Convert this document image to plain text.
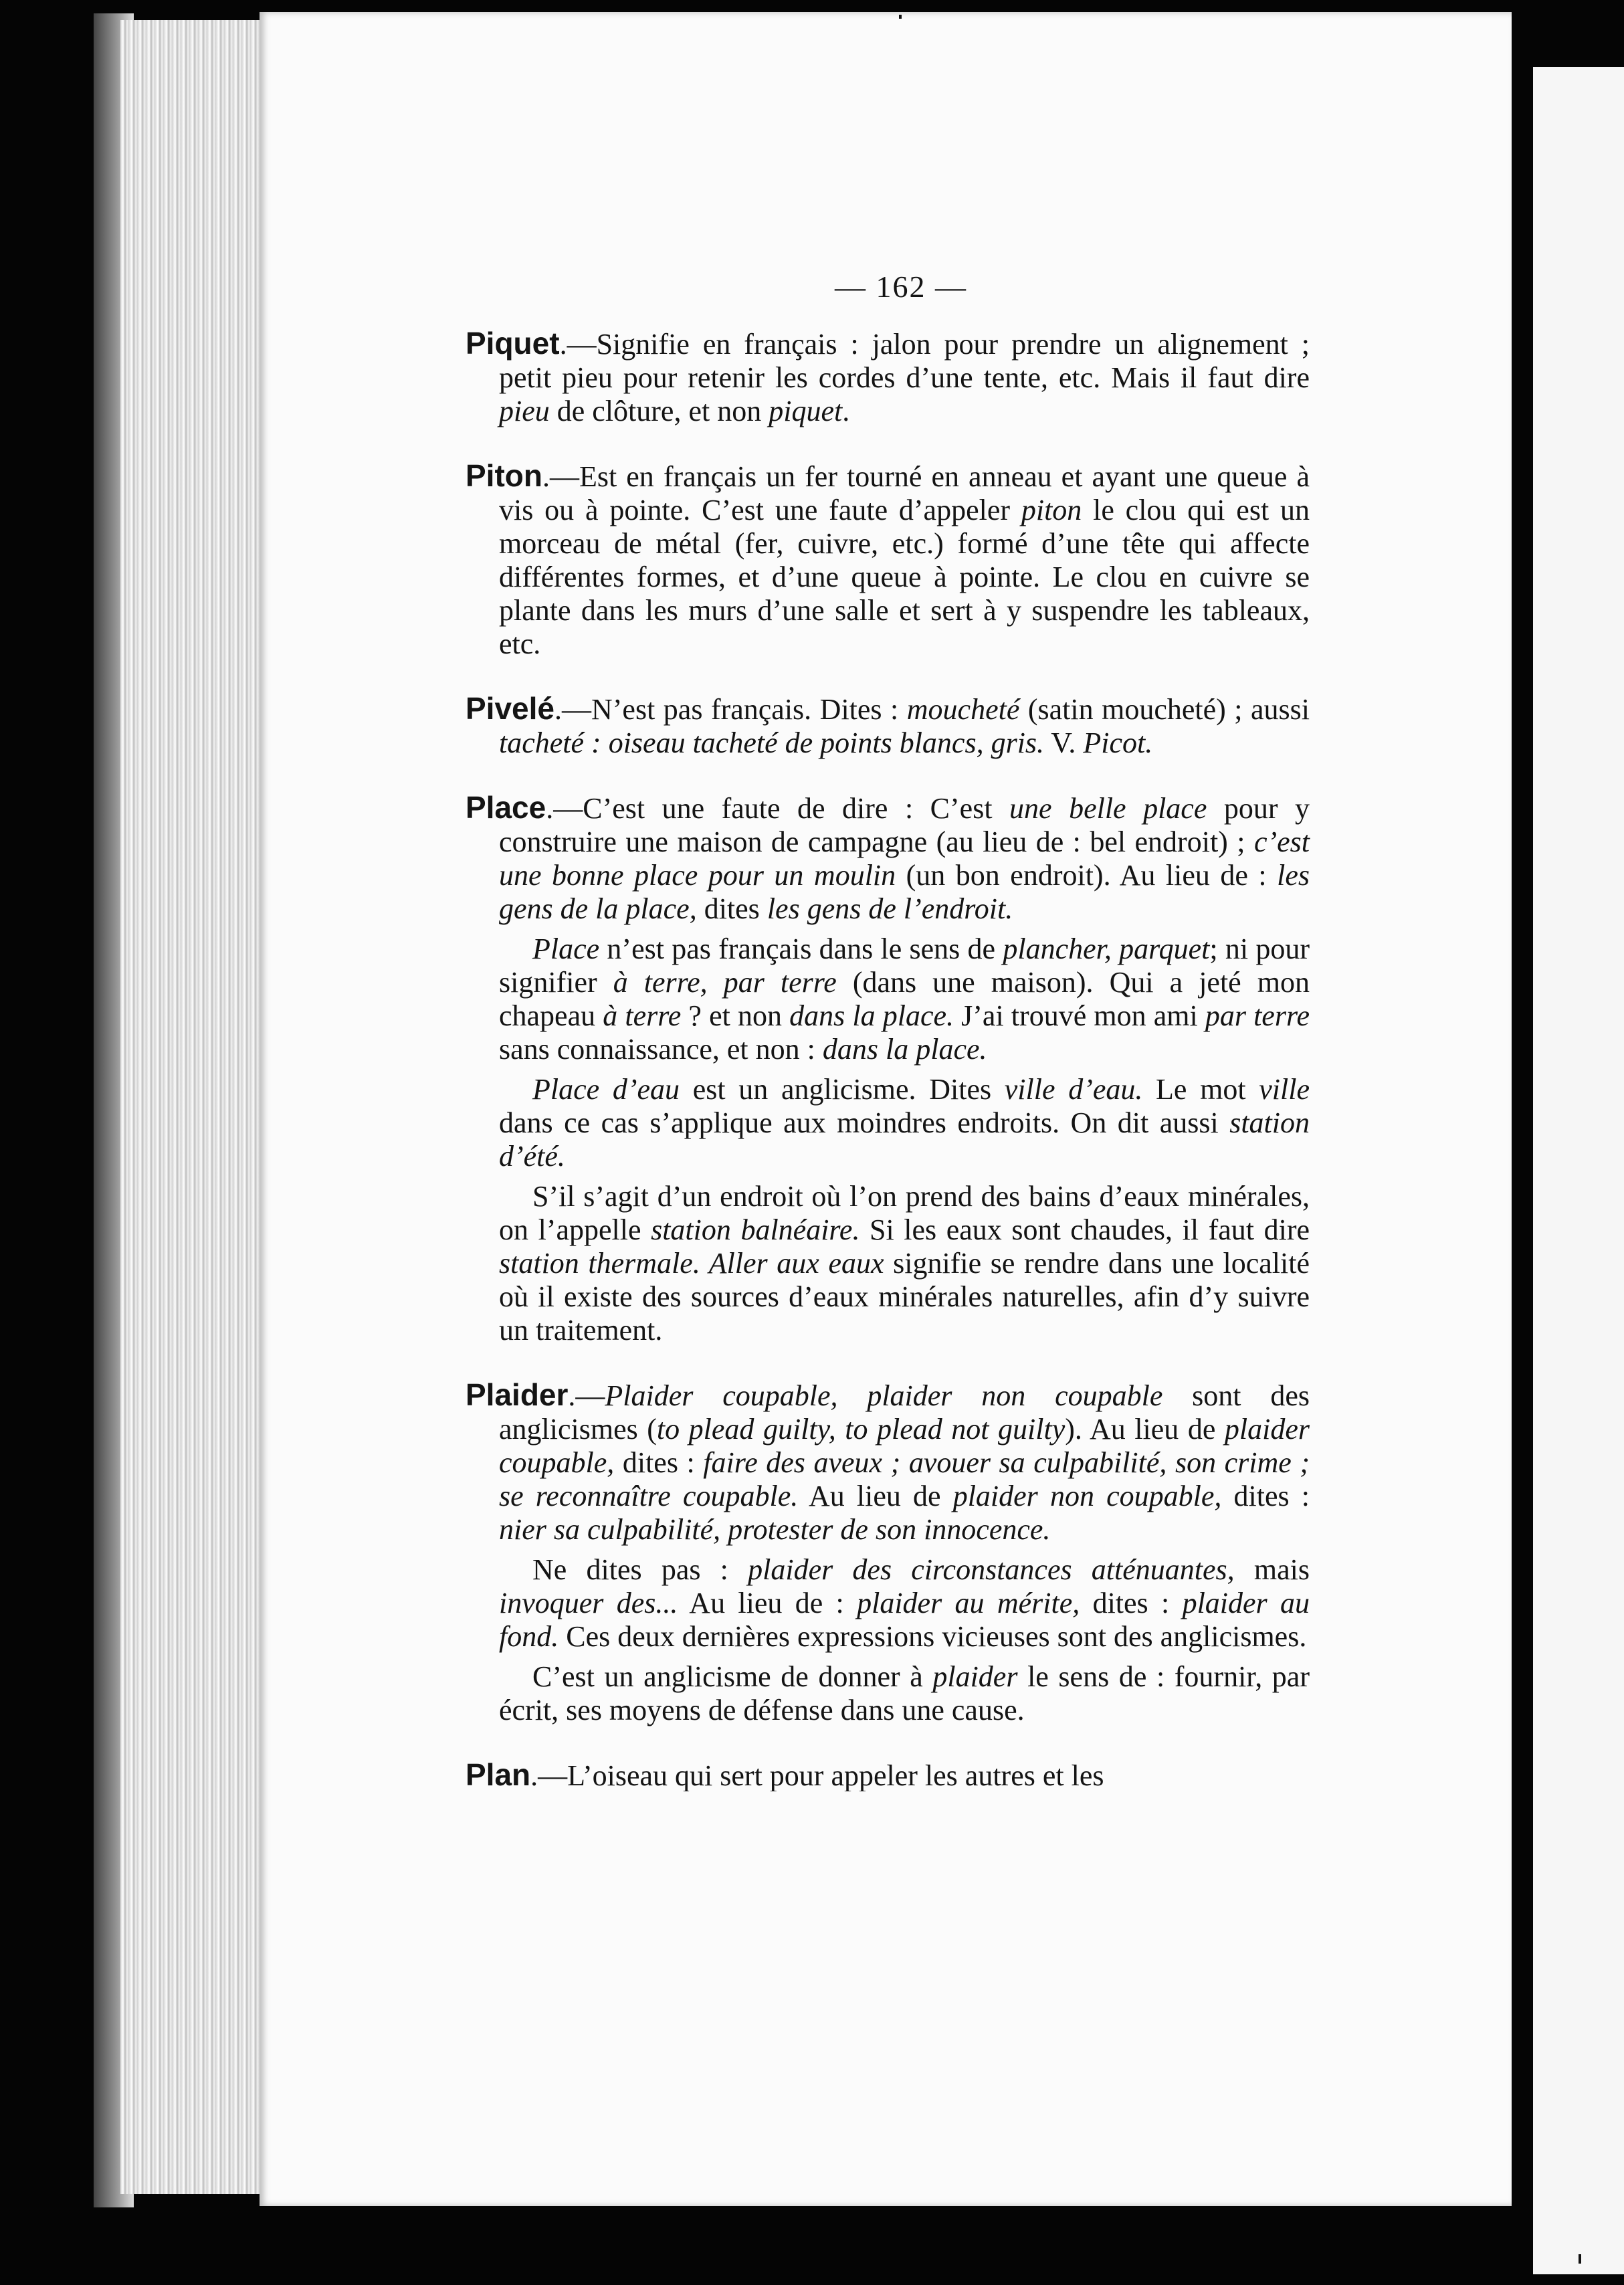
— 162 —

Piquet.—Signifie en français : jalon pour prendre un alignement ; petit pieu pour retenir les cordes d’une tente, etc. Mais il faut dire pieu de clôture, et non piquet.

Piton.—Est en français un fer tourné en anneau et ayant une queue à vis ou à pointe. C’est une faute d’appeler piton le clou qui est un morceau de métal (fer, cuivre, etc.) formé d’une tête qui affecte différentes formes, et d’une queue à pointe. Le clou en cuivre se plante dans les murs d’une salle et sert à y suspendre les tableaux, etc.

Pivelé.—N’est pas français. Dites : moucheté (satin moucheté) ; aussi tacheté : oiseau tacheté de points blancs, gris. V. Picot.

Place.—C’est une faute de dire : C’est une belle place pour y construire une maison de campagne (au lieu de : bel endroit) ; c’est une bonne place pour un moulin (un bon endroit). Au lieu de : les gens de la place, dites les gens de l’endroit.
Place n’est pas français dans le sens de plancher, parquet; ni pour signifier à terre, par terre (dans une maison). Qui a jeté mon chapeau à terre ? et non dans la place. J’ai trouvé mon ami par terre sans connaissance, et non : dans la place.
Place d’eau est un anglicisme. Dites ville d’eau. Le mot ville dans ce cas s’applique aux moindres endroits. On dit aussi station d’été.
S’il s’agit d’un endroit où l’on prend des bains d’eaux minérales, on l’appelle station balnéaire. Si les eaux sont chaudes, il faut dire station thermale. Aller aux eaux signifie se rendre dans une localité où il existe des sources d’eaux minérales naturelles, afin d’y suivre un traitement.
Plaider.—Plaider coupable, plaider non coupable sont des anglicismes (to plead guilty, to plead not guilty). Au lieu de plaider coupable, dites : faire des aveux ; avouer sa culpabilité, son crime ; se reconnaître coupable. Au lieu de plaider non coupable, dites : nier sa culpabilité, protester de son innocence.
Ne dites pas : plaider des circonstances atténuantes, mais invoquer des... Au lieu de : plaider au mérite, dites : plaider au fond. Ces deux dernières expressions vicieuses sont des anglicismes.
C’est un anglicisme de donner à plaider le sens de : fournir, par écrit, ses moyens de défense dans une cause.

Plan.—L’oiseau qui sert pour appeler les autres et les
